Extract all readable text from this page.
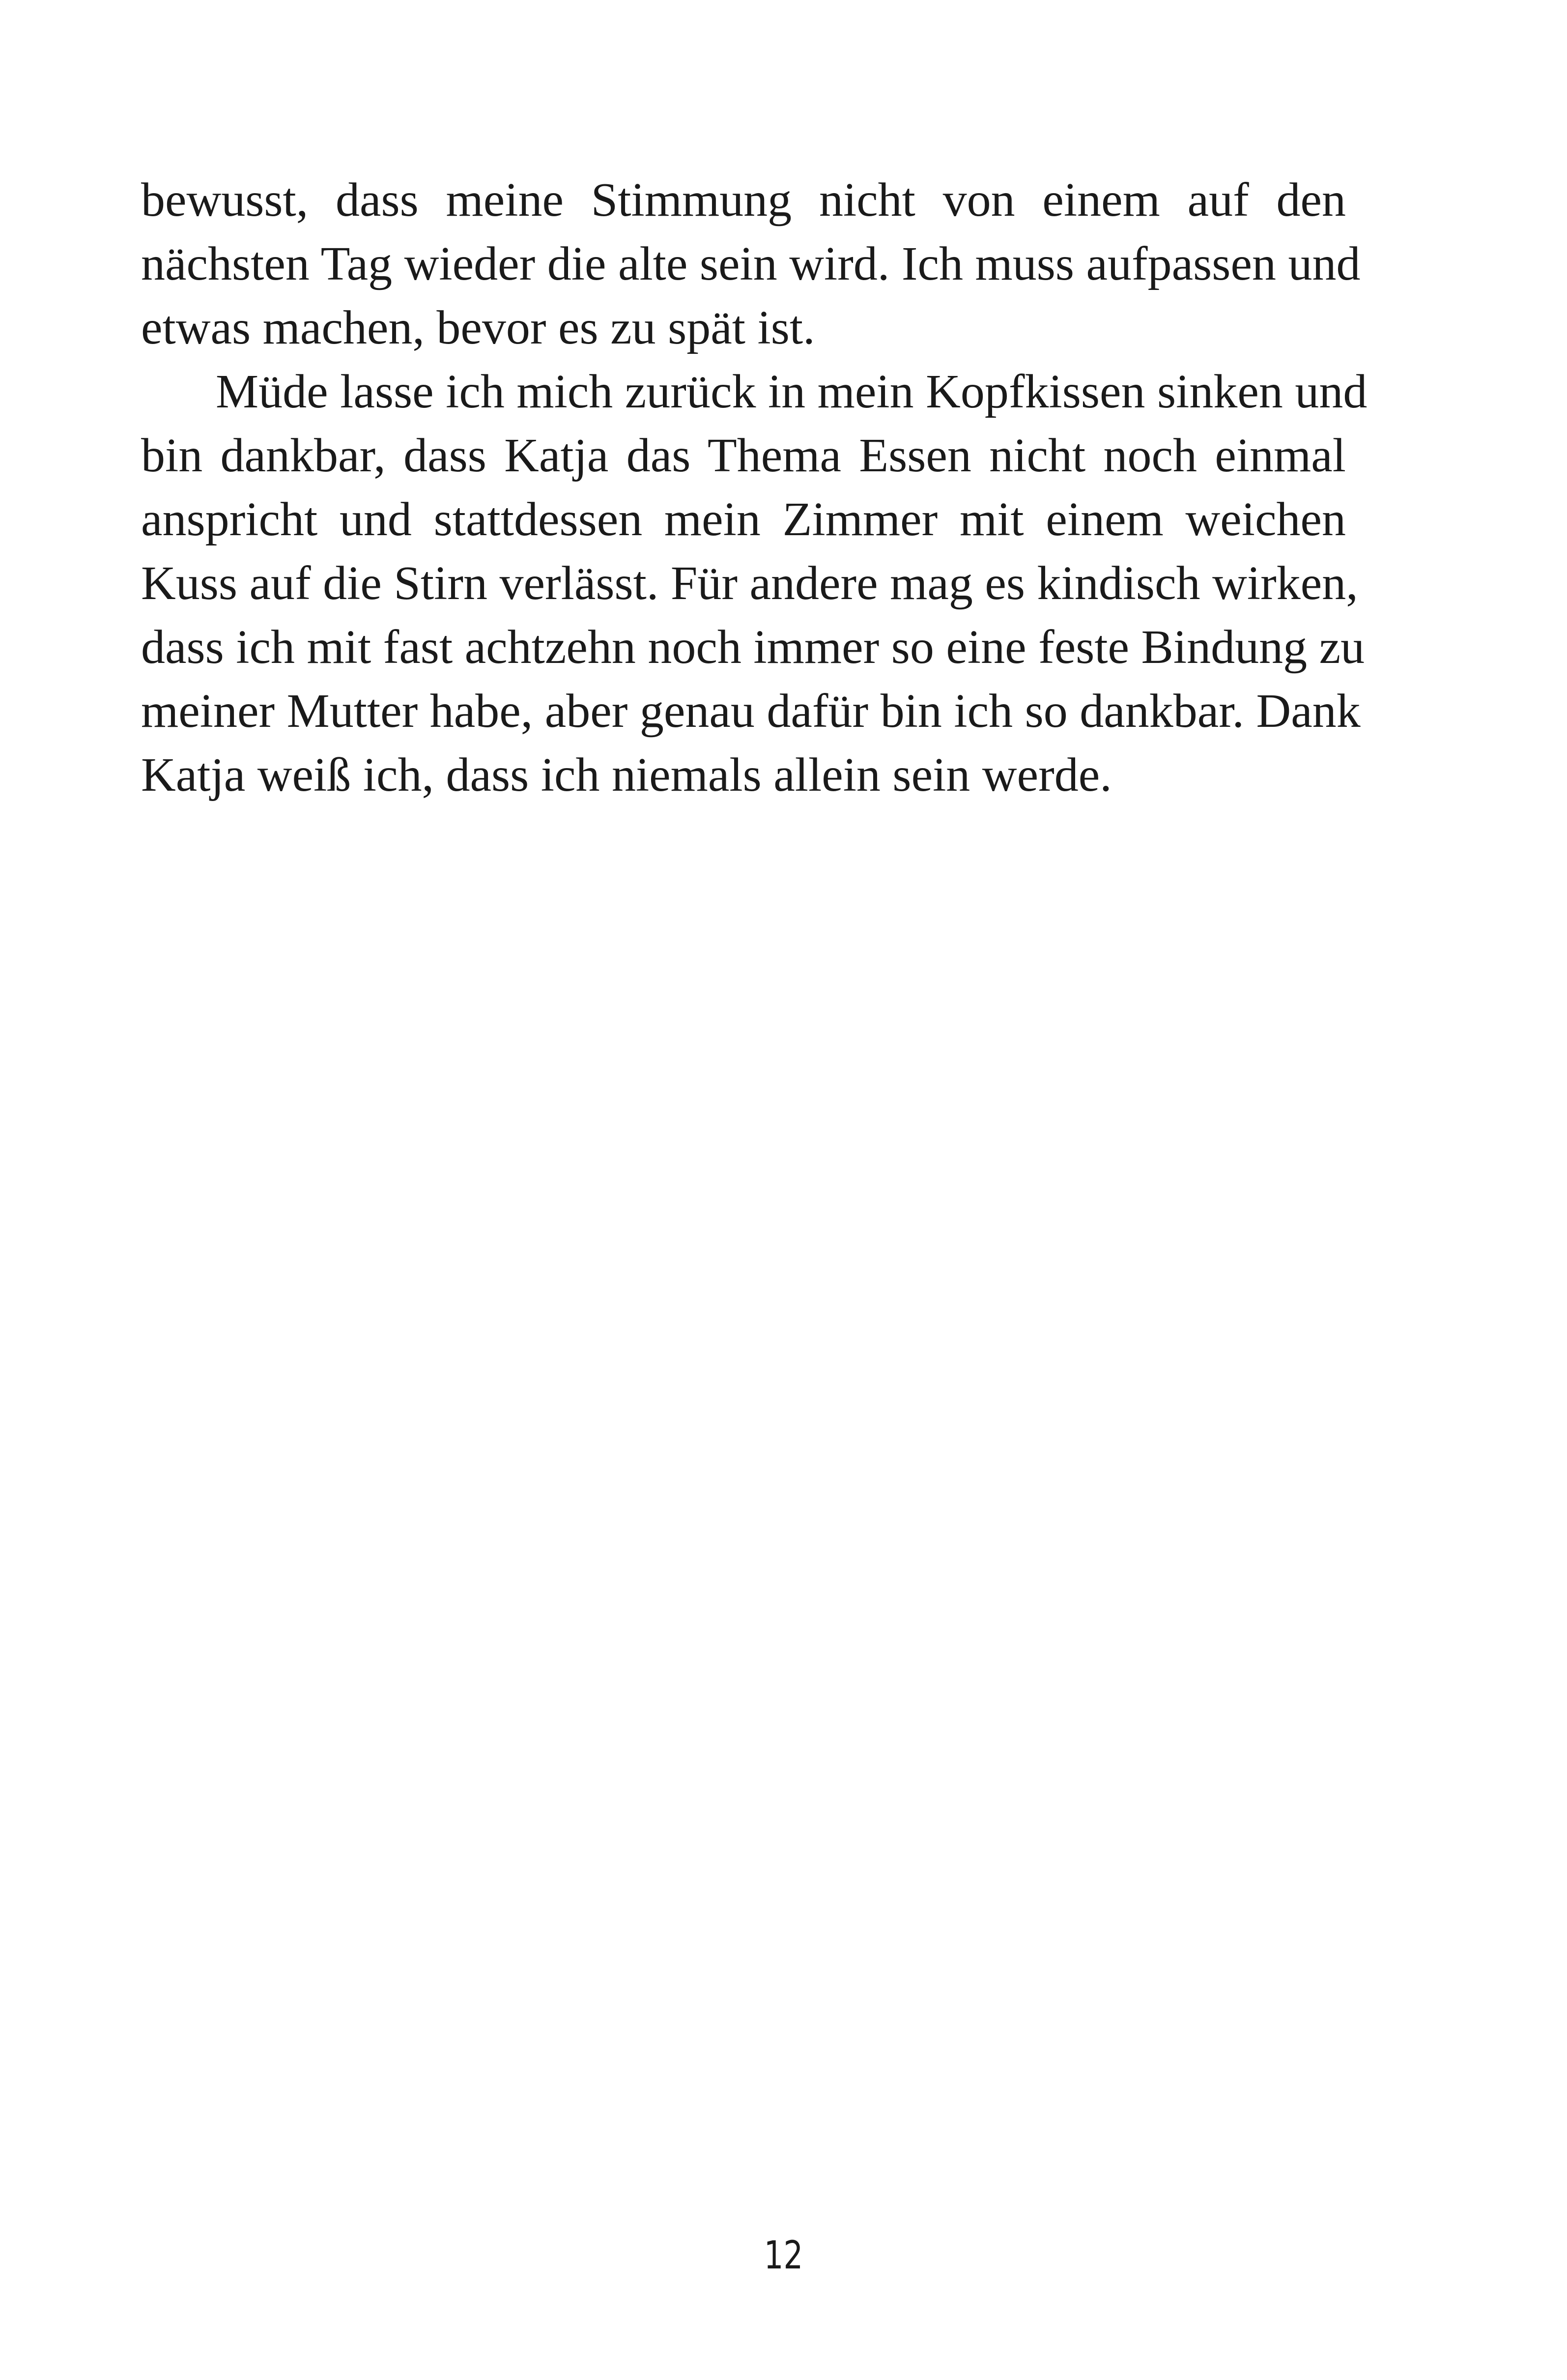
bewusst, dass meine Stimmung nicht von einem auf den
nächsten Tag wieder die alte sein wird. Ich muss aufpassen und
etwas machen, bevor es zu spät ist.
Müde lasse ich mich zurück in mein Kopfkissen sinken und
bin dankbar, dass Katja das Thema Essen nicht noch einmal
anspricht und stattdessen mein Zimmer mit einem weichen
Kuss auf die Stirn verlässt. Für andere mag es kindisch wirken,
dass ich mit fast achtzehn noch immer so eine feste Bindung zu
meiner Mutter habe, aber genau dafür bin ich so dankbar. Dank
Katja weiß ich, dass ich niemals allein sein werde.
12
